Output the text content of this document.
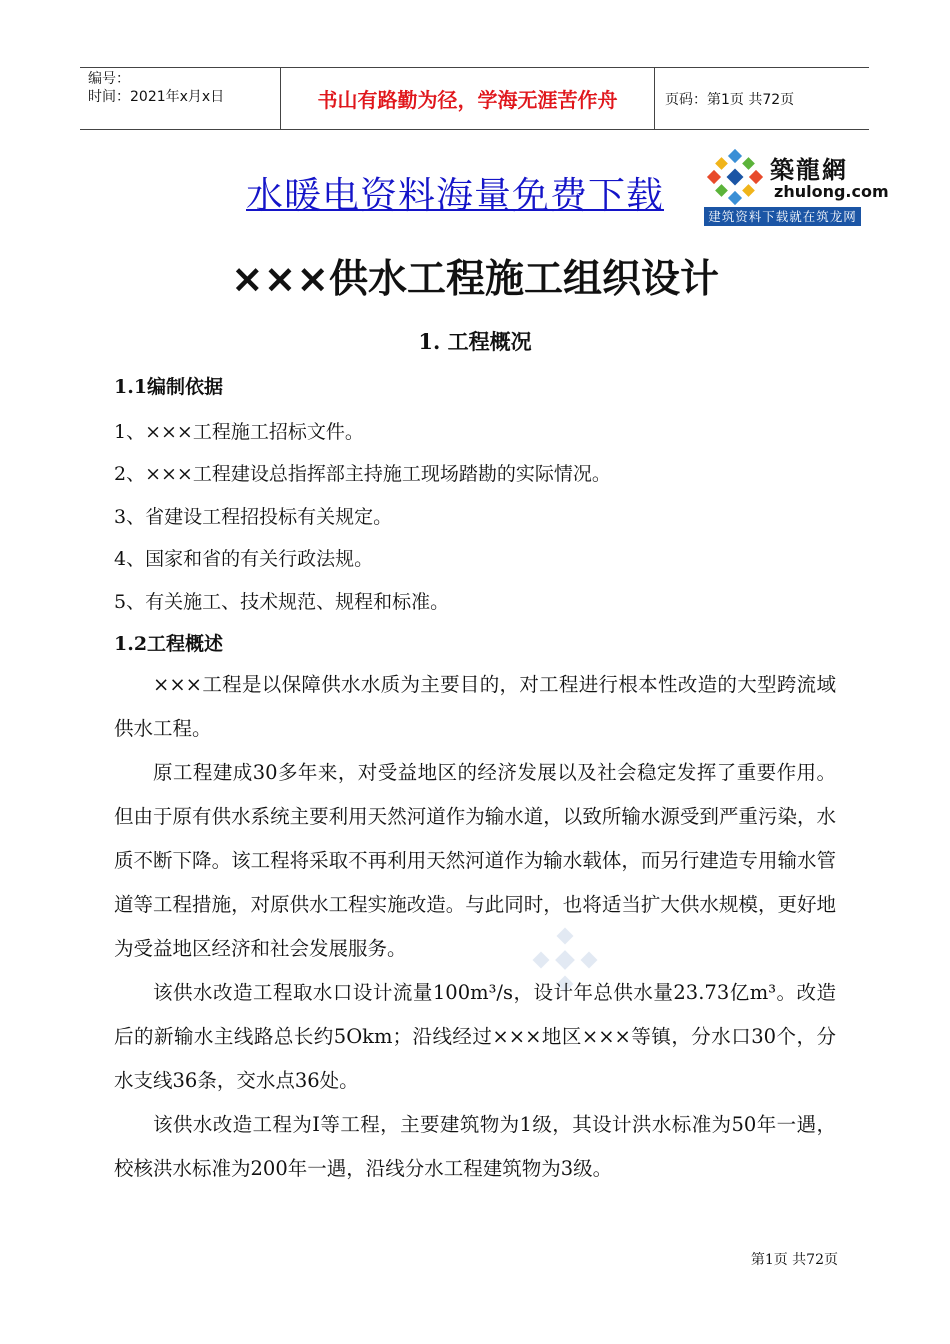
编号：
时间：2021年x月x日	书山有路勤为径，学海无涯苦作舟	页码：第1页 共72页
水暖电资料海量免费下载
築龍網
zhulong.com
建筑资料下载就在筑龙网
×××供水工程施工组织设计
1. 工程概况
1.1编制依据
1、×××工程施工招标文件。
2、×××工程建设总指挥部主持施工现场踏勘的实际情况。
3、省建设工程招投标有关规定。
4、国家和省的有关行政法规。
5、有关施工、技术规范、规程和标准。
1.2工程概述
×××工程是以保障供水水质为主要目的，对工程进行根本性改造的大型跨流域供水工程。
原工程建成30多年来，对受益地区的经济发展以及社会稳定发挥了重要作用。但由于原有供水系统主要利用天然河道作为输水道，以致所输水源受到严重污染，水质不断下降。该工程将采取不再利用天然河道作为输水载体，而另行建造专用输水管道等工程措施，对原供水工程实施改造。与此同时，也将适当扩大供水规模，更好地为受益地区经济和社会发展服务。
该供水改造工程取水口设计流量100m³/s，设计年总供水量23.73亿m³。改造后的新输水主线路总长约5Okm；沿线经过×××地区×××等镇，分水口30个，分水支线36条，交水点36处。
该供水改造工程为I等工程，主要建筑物为1级，其设计洪水标准为50年一遇，校核洪水标准为200年一遇，沿线分水工程建筑物为3级。
第1页 共72页
